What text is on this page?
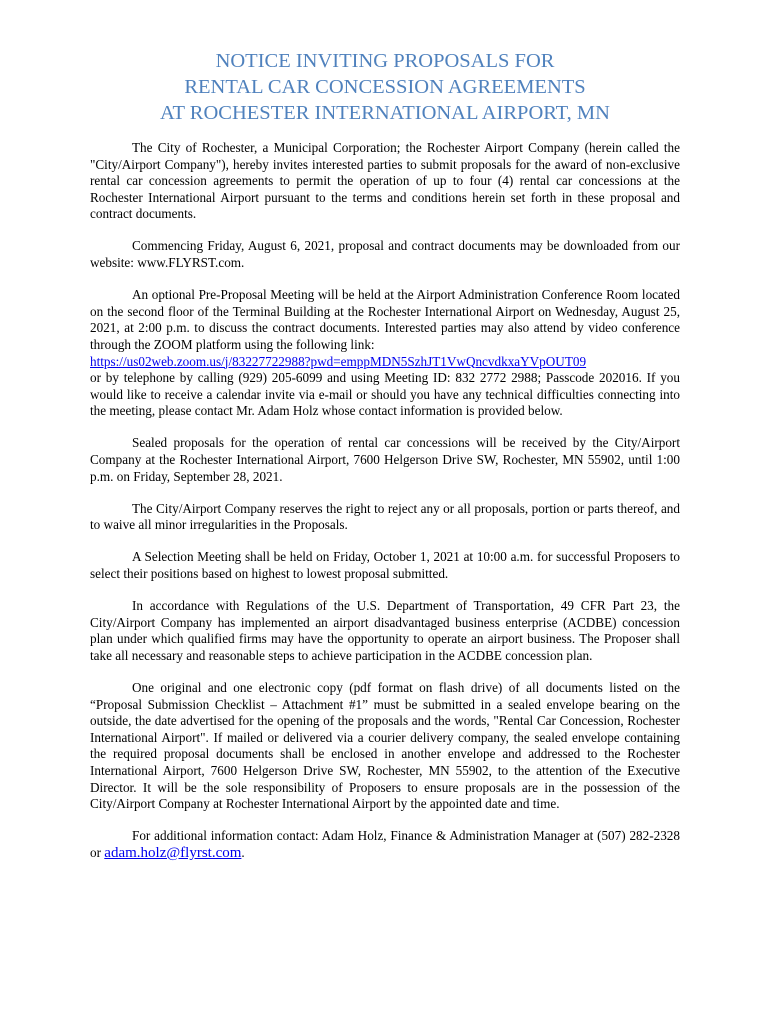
NOTICE INVITING PROPOSALS FOR
RENTAL CAR CONCESSION AGREEMENTS
AT ROCHESTER INTERNATIONAL AIRPORT, MN

The City of Rochester, a Municipal Corporation; the Rochester Airport Company (herein called the "City/Airport Company"), hereby invites interested parties to submit proposals for the award of non-exclusive rental car concession agreements to permit the operation of up to four (4) rental car concessions at the Rochester International Airport pursuant to the terms and conditions herein set forth in these proposal and contract documents.

Commencing Friday, August 6, 2021, proposal and contract documents may be downloaded from our website: www.FLYRST.com.

An optional Pre-Proposal Meeting will be held at the Airport Administration Conference Room located on the second floor of the Terminal Building at the Rochester International Airport on Wednesday, August 25, 2021, at 2:00 p.m. to discuss the contract documents. Interested parties may also attend by video conference through the ZOOM platform using the following link:
https://us02web.zoom.us/j/83227722988?pwd=emppMDN5SzhJT1VwQncvdkxaYVpOUT09
or by telephone by calling (929) 205-6099 and using Meeting ID: 832 2772 2988; Passcode 202016. If you would like to receive a calendar invite via e-mail or should you have any technical difficulties connecting into the meeting, please contact Mr. Adam Holz whose contact information is provided below.

Sealed proposals for the operation of rental car concessions will be received by the City/Airport Company at the Rochester International Airport, 7600 Helgerson Drive SW, Rochester, MN 55902, until 1:00 p.m. on Friday, September 28, 2021.

The City/Airport Company reserves the right to reject any or all proposals, portion or parts thereof, and to waive all minor irregularities in the Proposals.

A Selection Meeting shall be held on Friday, October 1, 2021 at 10:00 a.m. for successful Proposers to select their positions based on highest to lowest proposal submitted.

In accordance with Regulations of the U.S. Department of Transportation, 49 CFR Part 23, the City/Airport Company has implemented an airport disadvantaged business enterprise (ACDBE) concession plan under which qualified firms may have the opportunity to operate an airport business. The Proposer shall take all necessary and reasonable steps to achieve participation in the ACDBE concession plan.

One original and one electronic copy (pdf format on flash drive) of all documents listed on the “Proposal Submission Checklist – Attachment #1” must be submitted in a sealed envelope bearing on the outside, the date advertised for the opening of the proposals and the words, "Rental Car Concession, Rochester International Airport". If mailed or delivered via a courier delivery company, the sealed envelope containing the required proposal documents shall be enclosed in another envelope and addressed to the Rochester International Airport, 7600 Helgerson Drive SW, Rochester, MN 55902, to the attention of the Executive Director. It will be the sole responsibility of Proposers to ensure proposals are in the possession of the City/Airport Company at Rochester International Airport by the appointed date and time.

For additional information contact: Adam Holz, Finance & Administration Manager at (507) 282-2328 or adam.holz@flyrst.com.
